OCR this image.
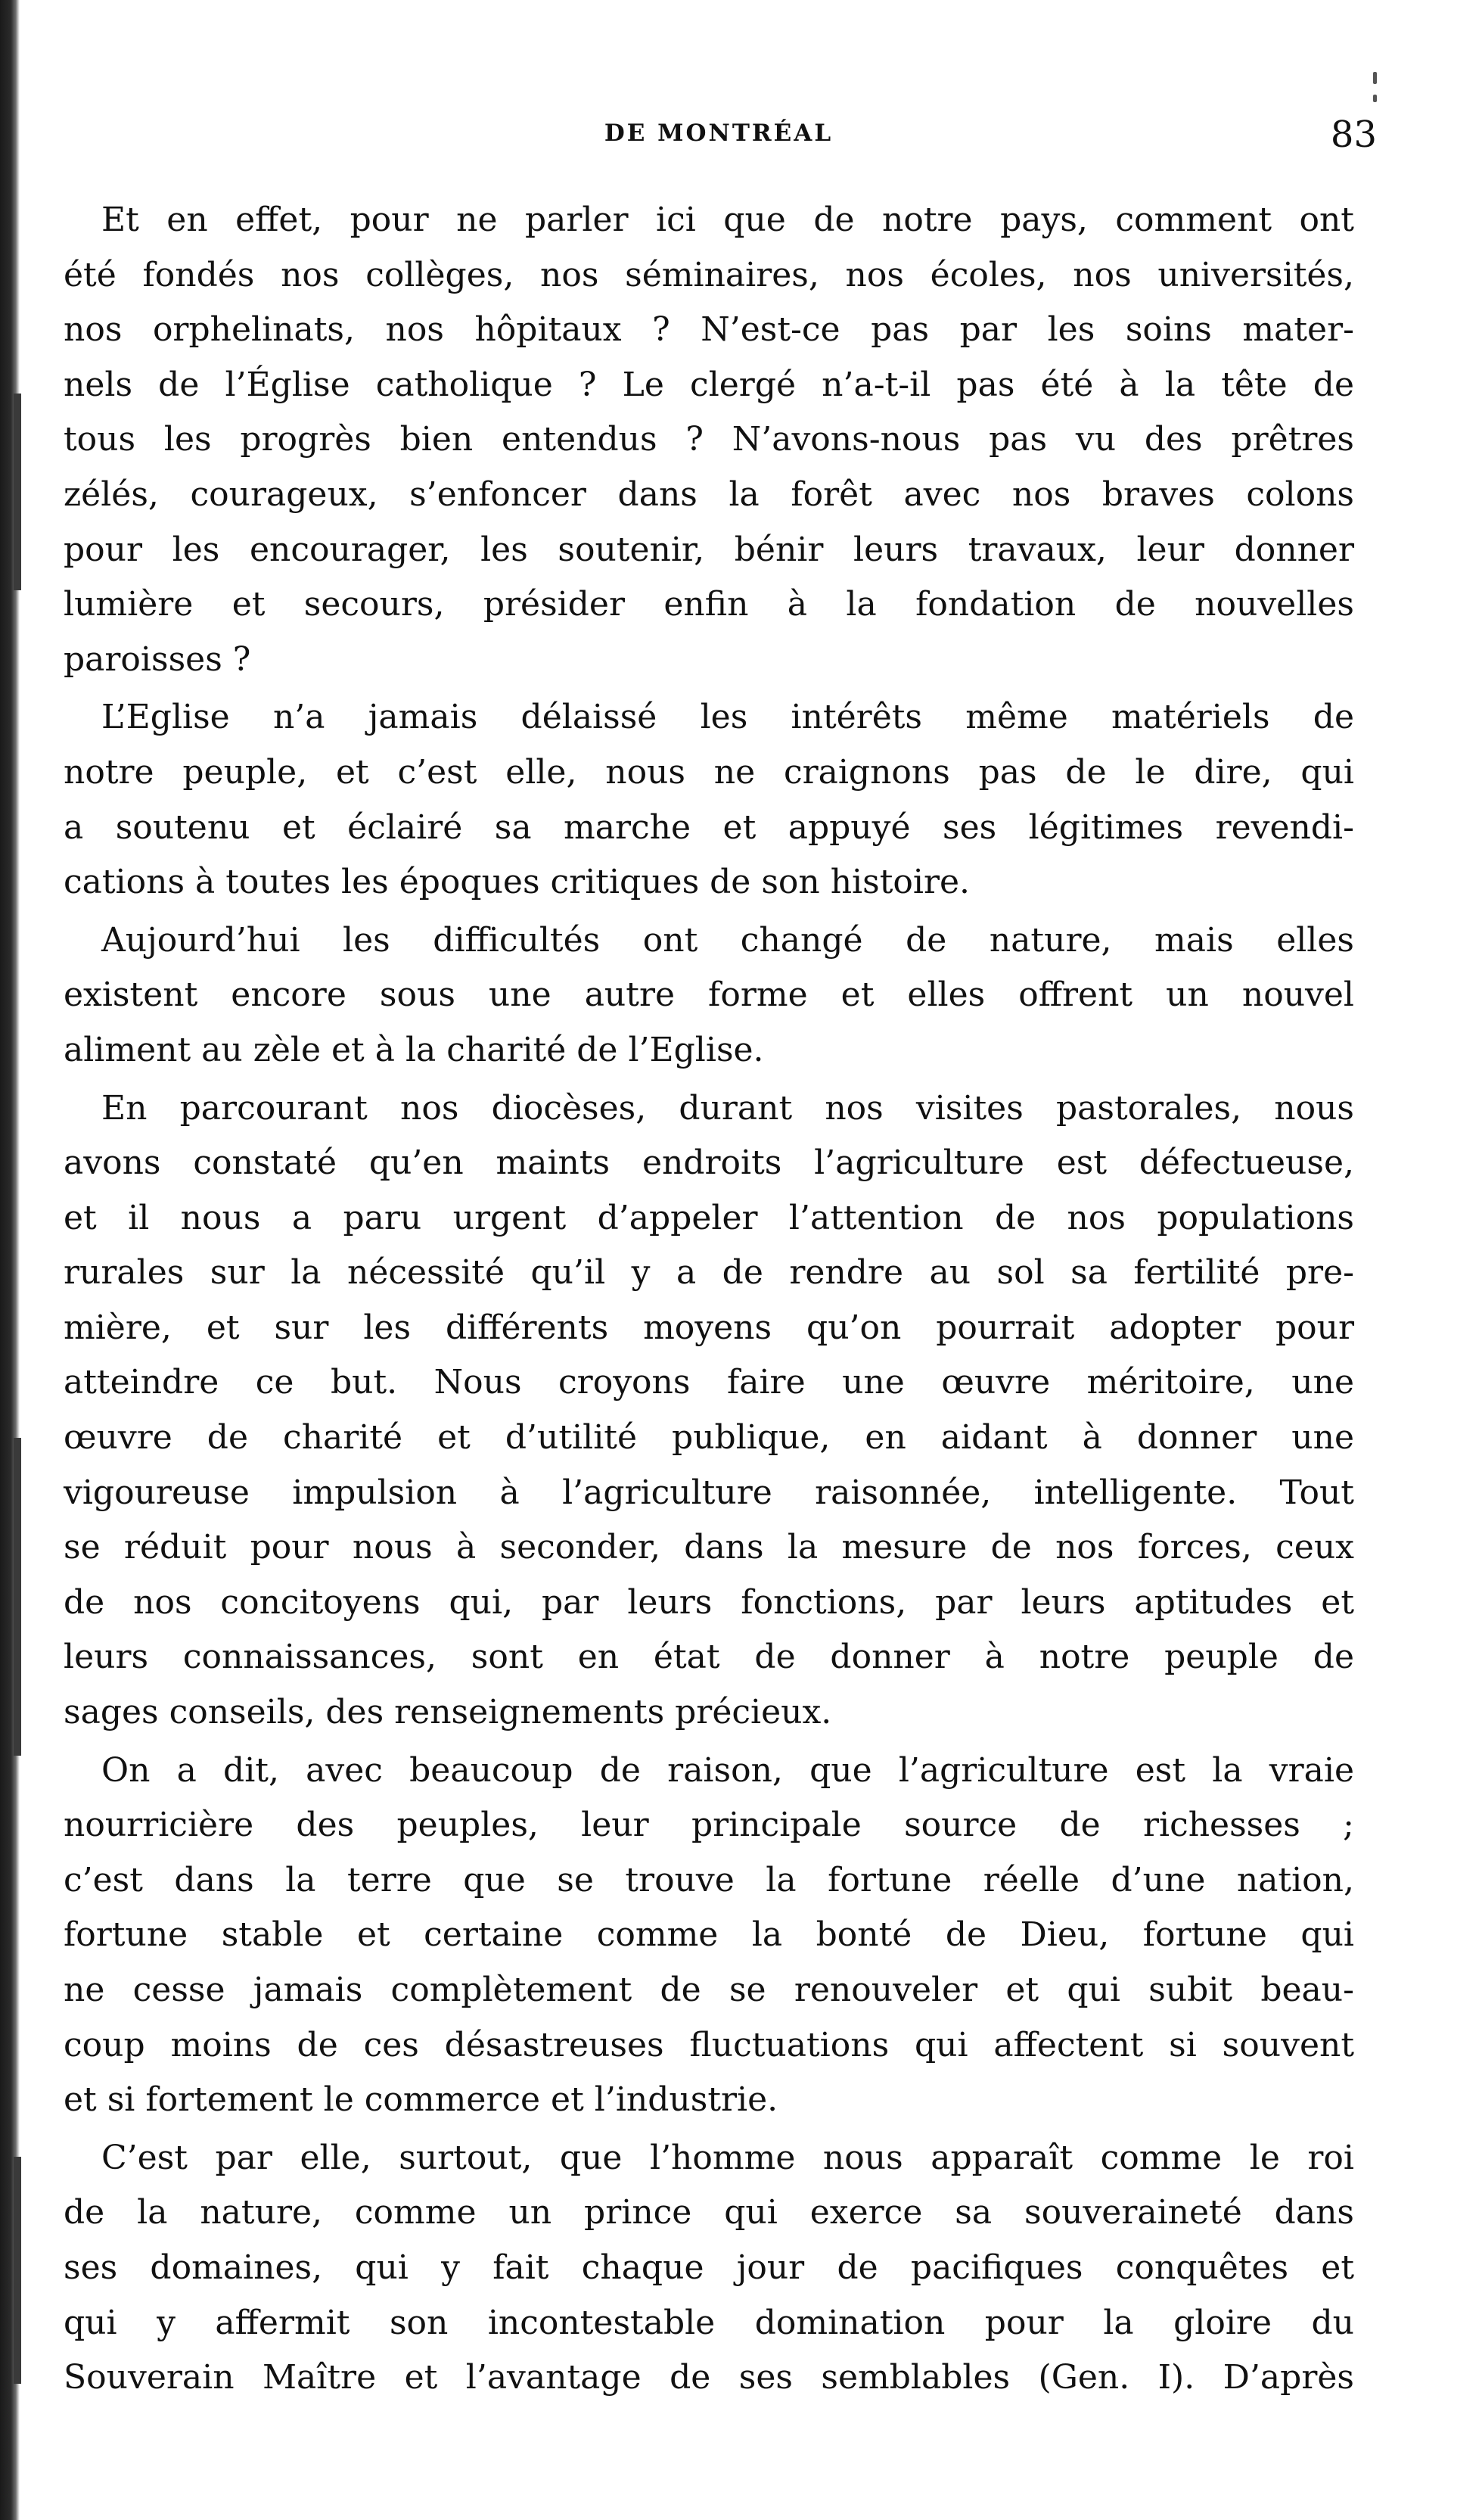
DE MONTRÉAL	83
Et en effet, pour ne parler ici que de notre pays, comment ont
été fondés nos collèges, nos séminaires, nos écoles, nos universités,
nos orphelinats, nos hôpitaux ? N’est-ce pas par les soins mater-
nels de l’Église catholique ? Le clergé n’a-t-il pas été à la tête de
tous les progrès bien entendus ? N’avons-nous pas vu des prêtres
zélés, courageux, s’enfoncer dans la forêt avec nos braves colons
pour les encourager, les soutenir, bénir leurs travaux, leur donner
lumière et secours, présider enfin à la fondation de nouvelles
paroisses ?
L’Eglise n’a jamais délaissé les intérêts même matériels de
notre peuple, et c’est elle, nous ne craignons pas de le dire, qui
a soutenu et éclairé sa marche et appuyé ses légitimes revendi-
cations à toutes les époques critiques de son histoire.
Aujourd’hui les difficultés ont changé de nature, mais elles
existent encore sous une autre forme et elles offrent un nouvel
aliment au zèle et à la charité de l’Eglise.
En parcourant nos diocèses, durant nos visites pastorales, nous
avons constaté qu’en maints endroits l’agriculture est défectueuse,
et il nous a paru urgent d’appeler l’attention de nos populations
rurales sur la nécessité qu’il y a de rendre au sol sa fertilité pre-
mière, et sur les différents moyens qu’on pourrait adopter pour
atteindre ce but. Nous croyons faire une œuvre méritoire, une
œuvre de charité et d’utilité publique, en aidant à donner une
vigoureuse impulsion à l’agriculture raisonnée, intelligente. Tout
se réduit pour nous à seconder, dans la mesure de nos forces, ceux
de nos concitoyens qui, par leurs fonctions, par leurs aptitudes et
leurs connaissances, sont en état de donner à notre peuple de
sages conseils, des renseignements précieux.
On a dit, avec beaucoup de raison, que l’agriculture est la vraie
nourricière des peuples, leur principale source de richesses ;
c’est dans la terre que se trouve la fortune réelle d’une nation,
fortune stable et certaine comme la bonté de Dieu, fortune qui
ne cesse jamais complètement de se renouveler et qui subit beau-
coup moins de ces désastreuses fluctuations qui affectent si souvent
et si fortement le commerce et l’industrie.
C’est par elle, surtout, que l’homme nous apparaît comme le roi
de la nature, comme un prince qui exerce sa souveraineté dans
ses domaines, qui y fait chaque jour de pacifiques conquêtes et
qui y affermit son incontestable domination pour la gloire du
Souverain Maître et l’avantage de ses semblables (Gen. I). D’après
